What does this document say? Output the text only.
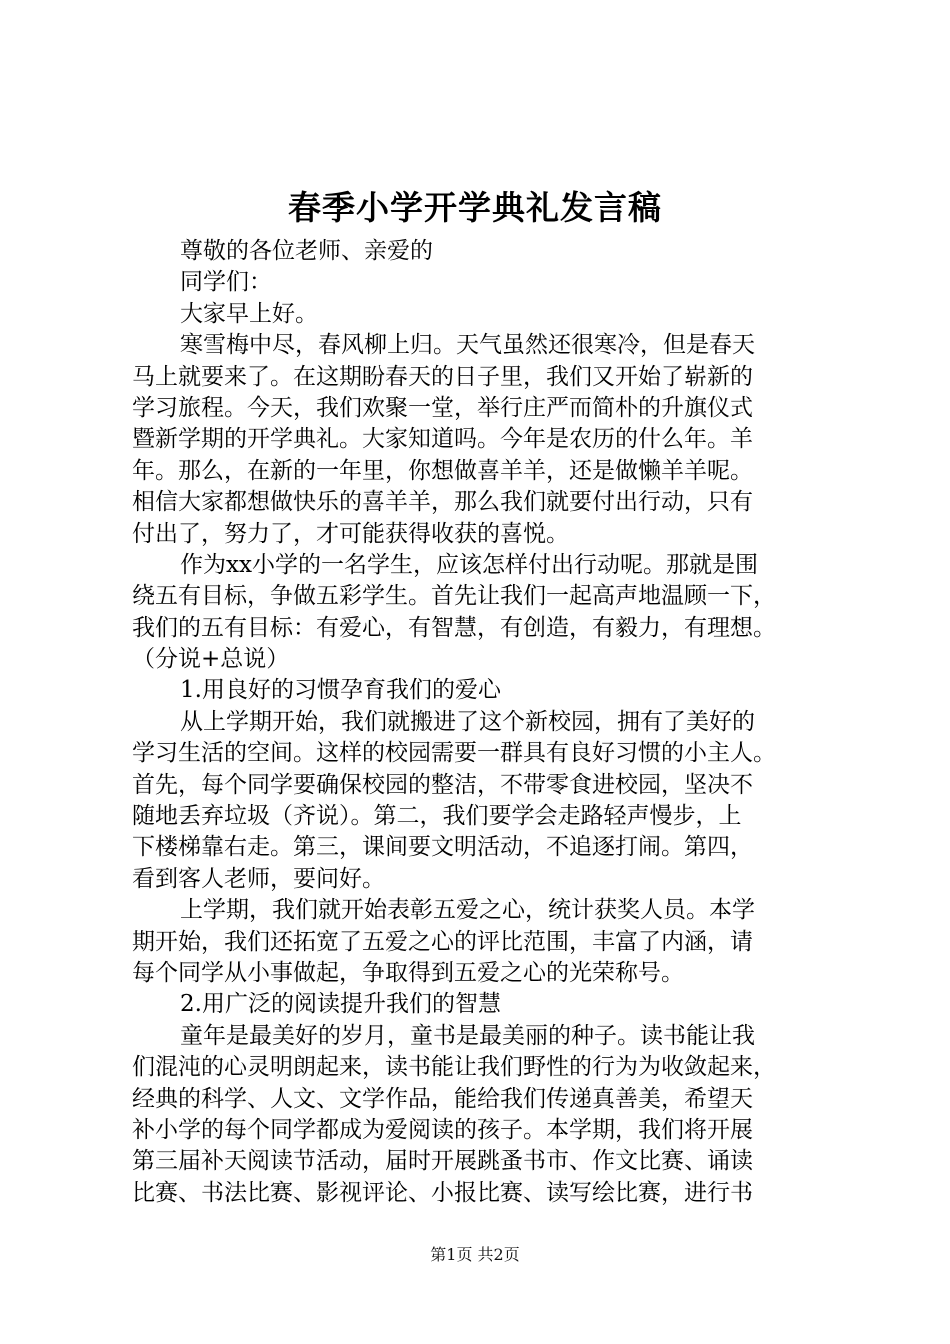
春季小学开学典礼发言稿
尊敬的各位老师、亲爱的
同学们：
大家早上好。
寒雪梅中尽，春风柳上归。天气虽然还很寒冷，但是春天
马上就要来了。在这期盼春天的日子里，我们又开始了崭新的
学习旅程。今天，我们欢聚一堂，举行庄严而简朴的升旗仪式
暨新学期的开学典礼。大家知道吗。今年是农历的什么年。羊
年。那么，在新的一年里，你想做喜羊羊，还是做懒羊羊呢。
相信大家都想做快乐的喜羊羊，那么我们就要付出行动，只有
付出了，努力了，才可能获得收获的喜悦。
作为xx小学的一名学生，应该怎样付出行动呢。那就是围
绕五有目标，争做五彩学生。首先让我们一起高声地温顾一下，
我们的五有目标：有爱心，有智慧，有创造，有毅力，有理想。
（分说+总说）
1.用良好的习惯孕育我们的爱心
从上学期开始，我们就搬进了这个新校园，拥有了美好的
学习生活的空间。这样的校园需要一群具有良好习惯的小主人。
首先，每个同学要确保校园的整洁，不带零食进校园，坚决不
随地丢弃垃圾（齐说）。第二，我们要学会走路轻声慢步，上
下楼梯靠右走。第三，课间要文明活动，不追逐打闹。第四，
看到客人老师，要问好。
上学期，我们就开始表彰五爱之心，统计获奖人员。本学
期开始，我们还拓宽了五爱之心的评比范围，丰富了内涵，请
每个同学从小事做起，争取得到五爱之心的光荣称号。
2.用广泛的阅读提升我们的智慧
童年是最美好的岁月，童书是最美丽的种子。读书能让我
们混沌的心灵明朗起来，读书能让我们野性的行为为收敛起来，
经典的科学、人文、文学作品，能给我们传递真善美，希望天
补小学的每个同学都成为爱阅读的孩子。本学期，我们将开展
第三届补天阅读节活动，届时开展跳蚤书市、作文比赛、诵读
比赛、书法比赛、影视评论、小报比赛、读写绘比赛，进行书
第1页 共2页
